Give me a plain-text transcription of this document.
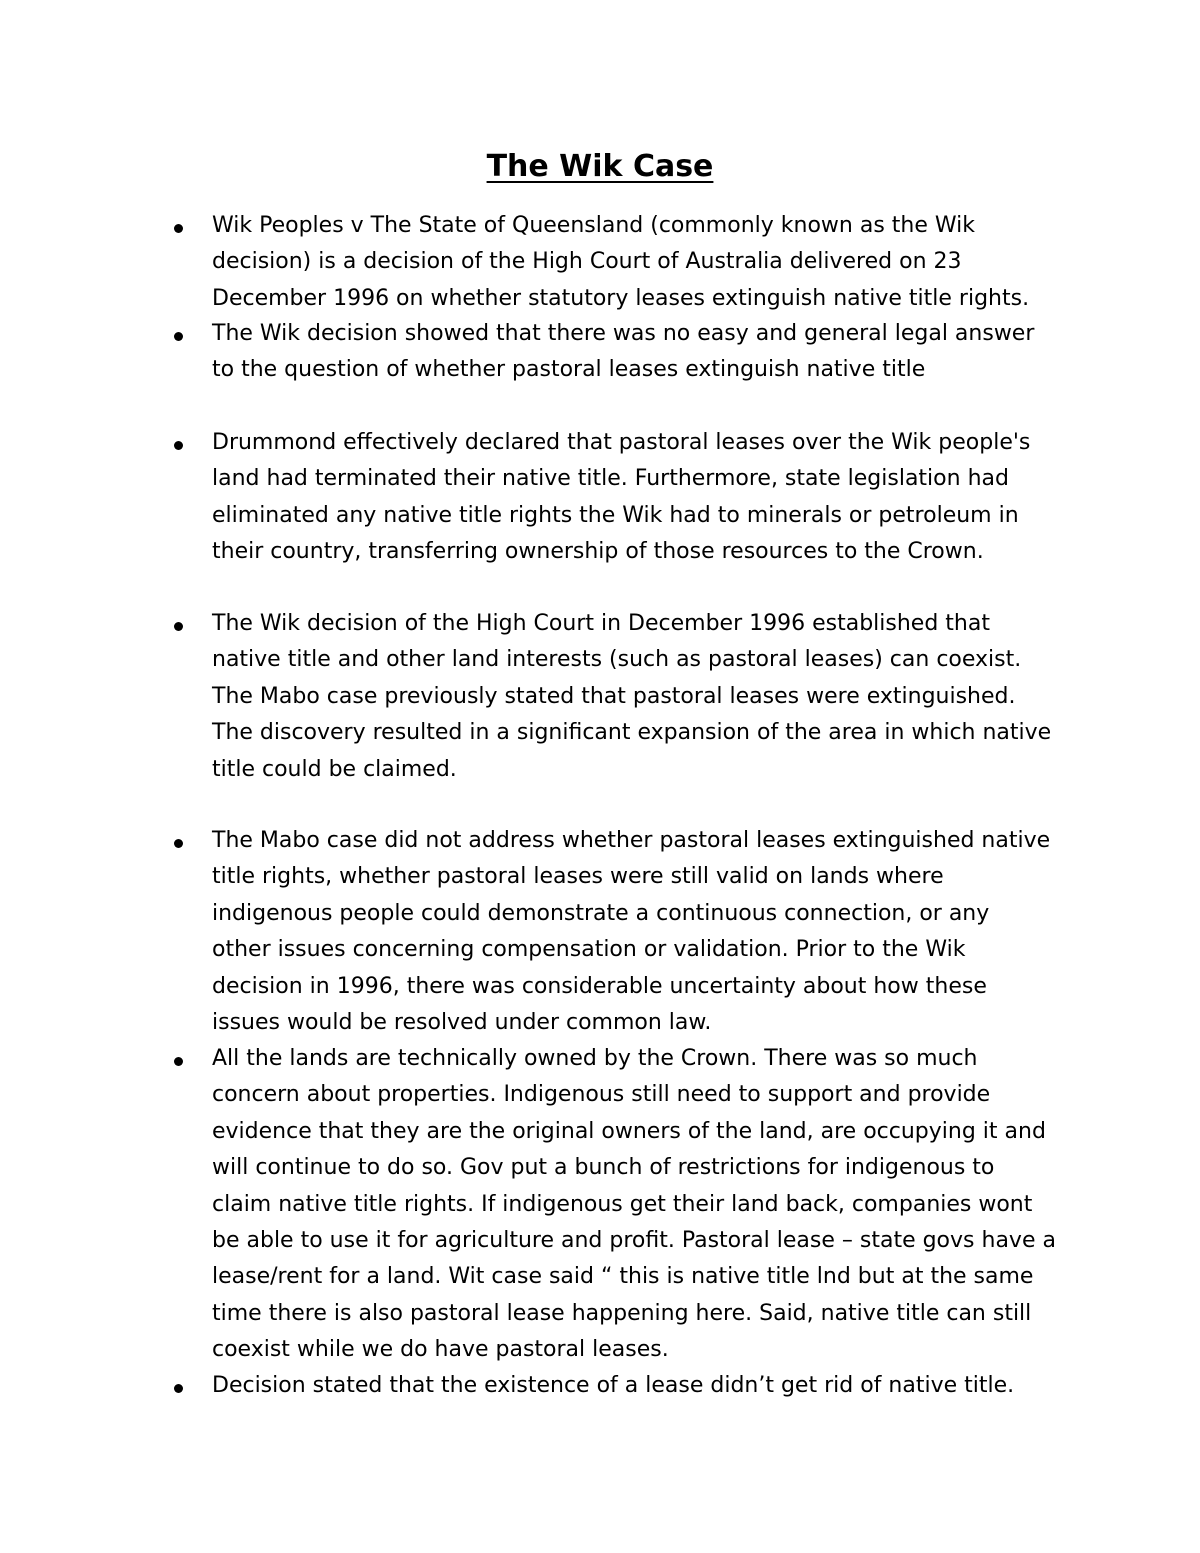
The Wik Case
Wik Peoples v The State of Queensland (commonly known as the Wik
decision) is a decision of the High Court of Australia delivered on 23
December 1996 on whether statutory leases extinguish native title rights.
The Wik decision showed that there was no easy and general legal answer
to the question of whether pastoral leases extinguish native title
Drummond effectively declared that pastoral leases over the Wik people's
land had terminated their native title. Furthermore, state legislation had
eliminated any native title rights the Wik had to minerals or petroleum in
their country, transferring ownership of those resources to the Crown.
The Wik decision of the High Court in December 1996 established that
native title and other land interests (such as pastoral leases) can coexist.
The Mabo case previously stated that pastoral leases were extinguished.
The discovery resulted in a significant expansion of the area in which native
title could be claimed.
The Mabo case did not address whether pastoral leases extinguished native
title rights, whether pastoral leases were still valid on lands where
indigenous people could demonstrate a continuous connection, or any
other issues concerning compensation or validation. Prior to the Wik
decision in 1996, there was considerable uncertainty about how these
issues would be resolved under common law.
All the lands are technically owned by the Crown. There was so much
concern about properties. Indigenous still need to support and provide
evidence that they are the original owners of the land, are occupying it and
will continue to do so. Gov put a bunch of restrictions for indigenous to
claim native title rights. If indigenous get their land back, companies wont
be able to use it for agriculture and profit. Pastoral lease – state govs have a
lease/rent for a land. Wit case said “ this is native title lnd but at the same
time there is also pastoral lease happening here. Said, native title can still
coexist while we do have pastoral leases.
Decision stated that the existence of a lease didn’t get rid of native title.
